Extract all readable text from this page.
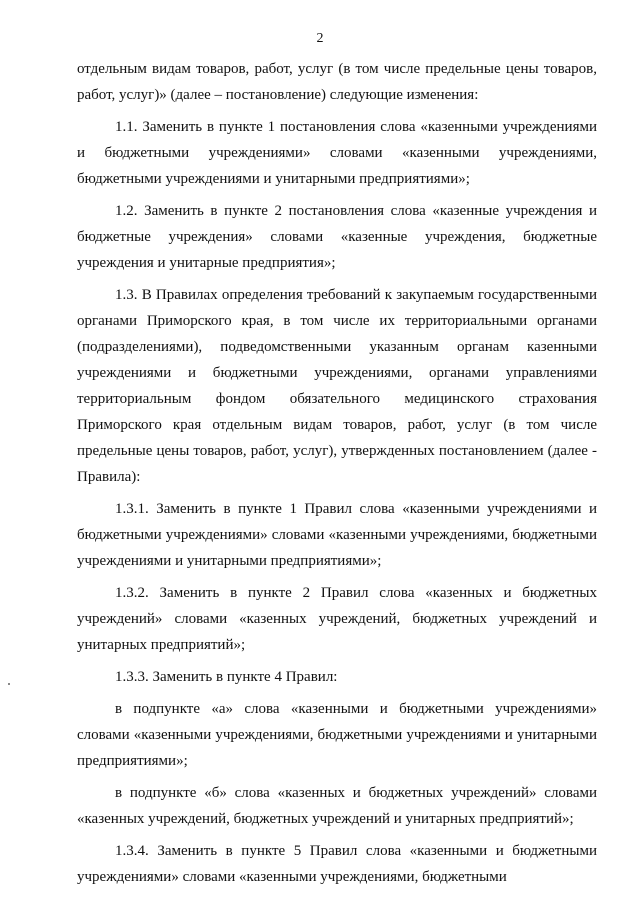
2

отдельным видам товаров, работ, услуг (в том числе предельные цены товаров, работ, услуг)» (далее – постановление) следующие изменения:

1.1. Заменить в пункте 1 постановления слова «казенными учреждениями и бюджетными учреждениями» словами «казенными учреждениями, бюджетными учреждениями и унитарными предприятиями»;

1.2. Заменить в пункте 2 постановления слова «казенные учреждения и бюджетные учреждения» словами «казенные учреждения, бюджетные учреждения и унитарные предприятия»;

1.3. В Правилах определения требований к закупаемым государственными органами Приморского края, в том числе их территориальными органами (подразделениями), подведомственными указанным органам казенными учреждениями и бюджетными учреждениями, органами управлениями территориальным фондом обязательного медицинского страхования Приморского края отдельным видам товаров, работ, услуг (в том числе предельные цены товаров, работ, услуг), утвержденных постановлением (далее - Правила):

1.3.1. Заменить в пункте 1 Правил слова «казенными учреждениями и бюджетными учреждениями» словами «казенными учреждениями, бюджетными учреждениями и унитарными предприятиями»;

1.3.2. Заменить в пункте 2 Правил слова «казенных и бюджетных учреждений» словами «казенных учреждений, бюджетных учреждений и унитарных предприятий»;

1.3.3. Заменить в пункте 4 Правил:

в подпункте «а» слова «казенными и бюджетными учреждениями» словами «казенными учреждениями, бюджетными учреждениями и унитарными предприятиями»;

в подпункте «б» слова «казенных и бюджетных учреждений» словами «казенных учреждений, бюджетных учреждений и унитарных предприятий»;

1.3.4. Заменить в пункте 5 Правил слова «казенными и бюджетными учреждениями» словами «казенными учреждениями, бюджетными
